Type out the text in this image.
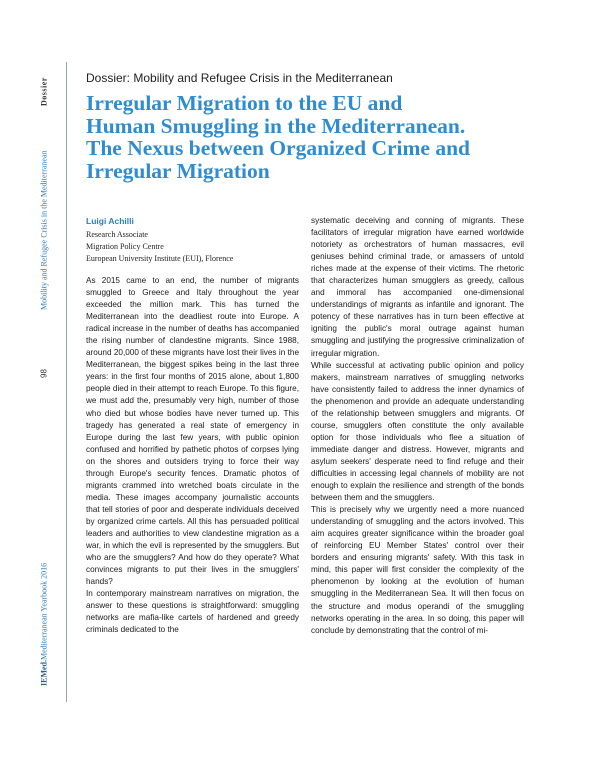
Dossier
Mobility and Refugee Crisis in the Mediterranean
98
IEMed.
Mediterranean Yearbook 2016
Dossier: Mobility and Refugee Crisis in the Mediterranean
Irregular Migration to the EU and
Human Smuggling in the Mediterranean.
The Nexus between Organized Crime and
Irregular Migration
Luigi Achilli
Research Associate
Migration Policy Centre
European University Institute (EUI), Florence

As 2015 came to an end, the number of migrants smuggled to Greece and Italy throughout the year exceeded the million mark. This has turned the Mediterranean into the deadliest route into Europe. A radical increase in the number of deaths has accompanied the rising number of clandestine migrants. Since 1988, around 20,000 of these migrants have lost their lives in the Mediterranean, the biggest spikes being in the last three years: in the first four months of 2015 alone, about 1,800 people died in their attempt to reach Europe. To this figure, we must add the, presumably very high, number of those who died but whose bodies have never turned up. This tragedy has generated a real state of emergency in Europe during the last few years, with public opinion confused and horrified by pathetic photos of corpses lying on the shores and outsiders trying to force their way through Europe's security fences. Dramatic photos of migrants crammed into wretched boats circulate in the media. These images accompany journalistic accounts that tell stories of poor and desperate individuals deceived by organized crime cartels. All this has persuaded political leaders and authorities to view clandestine migration as a war, in which the evil is represented by the smugglers. But who are the smugglers? And how do they operate? What convinces migrants to put their lives in the smugglers' hands?

In contemporary mainstream narratives on migration, the answer to these questions is straightforward: smuggling networks are mafia-like cartels of hardened and greedy criminals dedicated to the

systematic deceiving and conning of migrants. These facilitators of irregular migration have earned worldwide notoriety as orchestrators of human massacres, evil geniuses behind criminal trade, or amassers of untold riches made at the expense of their victims. The rhetoric that characterizes human smugglers as greedy, callous and immoral has accompanied one-dimensional understandings of migrants as infantile and ignorant. The potency of these narratives has in turn been effective at igniting the public's moral outrage against human smuggling and justifying the progressive criminalization of irregular migration.

While successful at activating public opinion and policy makers, mainstream narratives of smuggling networks have consistently failed to address the inner dynamics of the phenomenon and provide an adequate understanding of the relationship between smugglers and migrants. Of course, smugglers often constitute the only available option for those individuals who flee a situation of immediate danger and distress. However, migrants and asylum seekers' desperate need to find refuge and their difficulties in accessing legal channels of mobility are not enough to explain the resilience and strength of the bonds between them and the smugglers.

This is precisely why we urgently need a more nuanced understanding of smuggling and the actors involved. This aim acquires greater significance within the broader goal of reinforcing EU Member States' control over their borders and ensuring migrants' safety. With this task in mind, this paper will first consider the complexity of the phenomenon by looking at the evolution of human smuggling in the Mediterranean Sea. It will then focus on the structure and modus operandi of the smuggling networks operating in the area. In so doing, this paper will conclude by demonstrating that the control of mi-
